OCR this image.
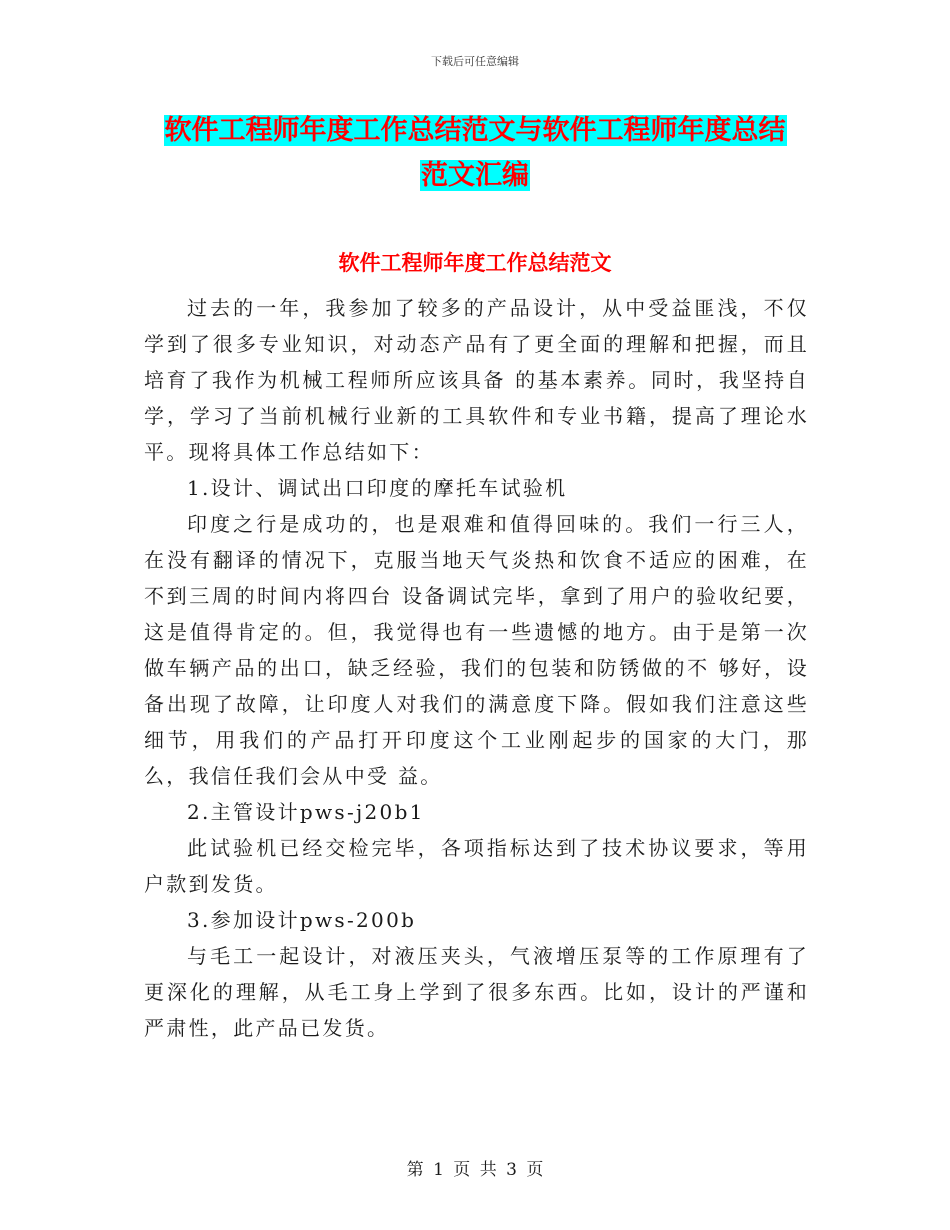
下载后可任意编辑
软件工程师年度工作总结范文与软件工程师年度总结
范文汇编
软件工程师年度工作总结范文

过去的一年，我参加了较多的产品设计，从中受益匪浅，不仅学到了很多专业知识，对动态产品有了更全面的理解和把握，而且培育了我作为机械工程师所应该具备 的基本素养。同时，我坚持自学，学习了当前机械行业新的工具软件和专业书籍，提高了理论水平。现将具体工作总结如下：

1.设计、调试出口印度的摩托车试验机

印度之行是成功的，也是艰难和值得回味的。我们一行三人，在没有翻译的情况下，克服当地天气炎热和饮食不适应的困难，在不到三周的时间内将四台 设备调试完毕，拿到了用户的验收纪要，这是值得肯定的。但，我觉得也有一些遗憾的地方。由于是第一次做车辆产品的出口，缺乏经验，我们的包装和防锈做的不 够好，设备出现了故障，让印度人对我们的满意度下降。假如我们注意这些细节，用我们的产品打开印度这个工业刚起步的国家的大门，那么，我信任我们会从中受 益。

2.主管设计pws-j20b1

此试验机已经交检完毕，各项指标达到了技术协议要求，等用户款到发货。

3.参加设计pws-200b

与毛工一起设计，对液压夹头，气液增压泵等的工作原理有了更深化的理解，从毛工身上学到了很多东西。比如，设计的严谨和严肃性，此产品已发货。

第 1 页 共 3 页
